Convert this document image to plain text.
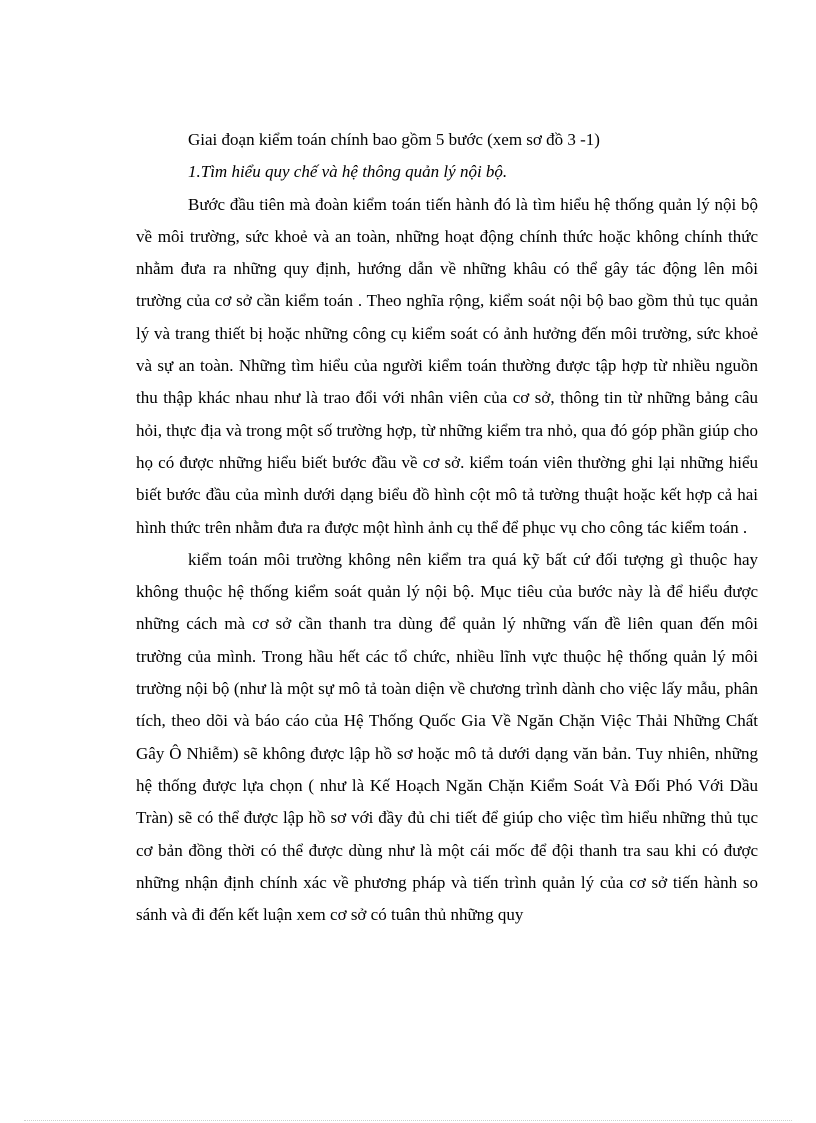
Giai đoạn kiểm toán chính bao gồm 5 bước (xem sơ đồ 3 -1)

1.Tìm hiểu quy chế và hệ thông quản lý nội bộ.

Bước đầu tiên mà đoàn kiểm toán tiến hành đó là tìm hiểu hệ thống quản lý nội bộ về môi trường, sức khoẻ và an toàn, những hoạt động chính thức hoặc không chính thức nhằm đưa ra những quy định, hướng dẫn về những khâu có thể gây tác động lên môi trường của cơ sở cần kiểm toán . Theo nghĩa rộng, kiểm soát nội bộ bao gồm thủ tục quản lý và trang thiết bị hoặc những công cụ kiểm soát có ảnh hưởng đến môi trường, sức khoẻ và sự an toàn. Những tìm hiểu của người kiểm toán thường được tập hợp từ nhiều nguồn thu thập khác nhau như là trao đổi với nhân viên của cơ sở, thông tin từ những bảng câu hỏi, thực địa và trong một số trường hợp, từ những kiểm tra nhỏ, qua đó góp phần giúp cho họ có được những hiểu biết bước đầu về cơ sở. kiểm toán viên thường ghi lại những hiểu biết bước đầu của mình dưới dạng biểu đồ hình cột mô tả tường thuật hoặc kết hợp cả hai hình thức trên nhằm đưa ra được một hình ảnh cụ thể để phục vụ cho công tác kiểm toán .

kiểm toán môi trường không nên kiểm tra quá kỹ bất cứ đối tượng gì thuộc hay không thuộc hệ thống kiểm soát quản lý nội bộ. Mục tiêu của bước này là để hiểu được những cách mà cơ sở cần thanh tra dùng để quản lý những vấn đề liên quan đến môi trường của mình. Trong hầu hết các tổ chức, nhiều lĩnh vực thuộc hệ thống quản lý môi trường nội bộ (như là một sự mô tả toàn diện về chương trình dành cho việc lấy mẫu, phân tích, theo dõi và báo cáo của Hệ Thống Quốc Gia Về Ngăn Chặn Việc Thải Những Chất Gây Ô Nhiễm) sẽ không được lập hồ sơ hoặc mô tả dưới dạng văn bản. Tuy nhiên, những hệ thống được lựa chọn ( như là Kế Hoạch Ngăn Chặn Kiểm Soát Và Đối Phó Với Dầu Tràn) sẽ có thể được lập hồ sơ với đầy đủ chi tiết để giúp cho việc tìm hiểu những thủ tục cơ bản đồng thời có thể được dùng như là một cái mốc để đội thanh tra sau khi có được những nhận định chính xác về phương pháp và tiến trình quản lý của cơ sở tiến hành so sánh và đi đến kết luận xem cơ sở có tuân thủ những quy
